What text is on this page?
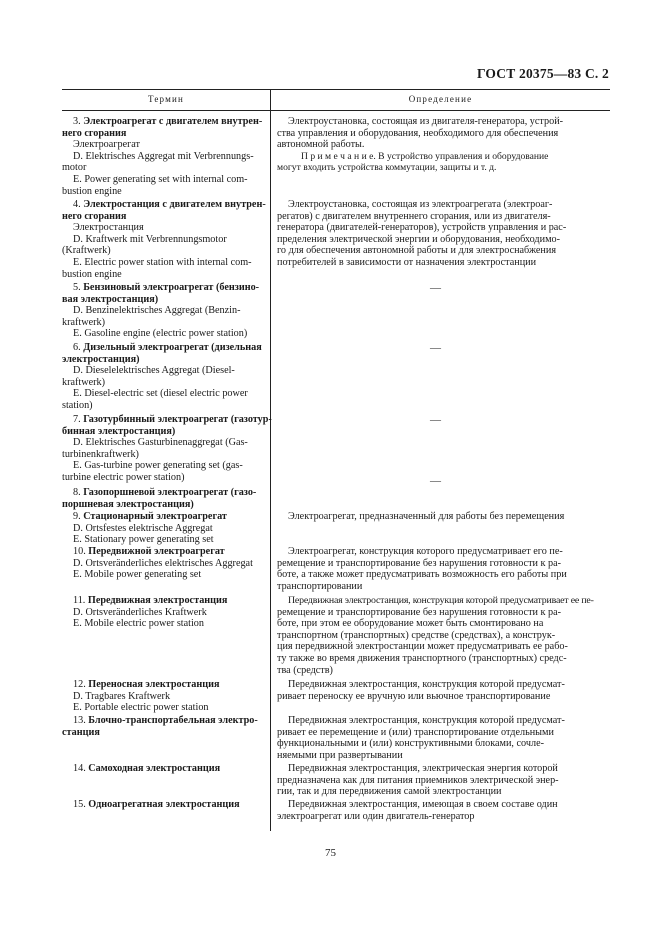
ГОСТ 20375—83 С. 2
Термин	Определение
3. Электроагрегат с двигателем внутрен-
него сгорания
Электроагрегат
D. Elektrisches Aggregat mit Verbrennungs-
motor
E. Power generating set with internal com-
bustion engine
4. Электростанция с двигателем внутрен-
него сгорания
Электростанция
D. Kraftwerk mit Verbrennungsmotor
(Kraftwerk)
E. Electric power station with internal com-
bustion engine
5. Бензиновый электроагрегат (бензино-
вая электростанция)
D. Benzinelektrisches Aggregat (Benzin-
kraftwerk)
E. Gasoline engine (electric power station)
6. Дизельный электроагрегат (дизельная
электростанция)
D. Dieselelektrisches Aggregat (Diesel-
kraftwerk)
E. Diesel-electric set (diesel electric power
station)
7. Газотурбинный электроагрегат (газотур-
бинная электростанция)
D. Elektrisches Gasturbinenaggregat (Gas-
turbinenkraftwerk)
E. Gas-turbine power generating set (gas-
turbine electric power station)
8. Газопоршневой электроагрегат (газо-
поршневая электростанция)
9. Стационарный электроагрегат
D. Ortsfestes elektrische Aggregat
E. Stationary power generating set
10. Передвижной электроагрегат
D. Ortsveränderliches elektrisches Aggregat
E. Mobile power generating set
11. Передвижная электростанция
D. Ortsveränderliches Kraftwerk
E. Mobile electric power station
12. Переносная электростанция
D. Tragbares Kraftwerk
E. Portable electric power station
13. Блочно-транспортабельная электро-
станция
14. Самоходная электростанция
15. Одноагрегатная электростанция
Электроустановка, состоящая из двигателя-генератора, устрой-
ства управления и оборудования, необходимого для обеспечения
автономной работы.
П р и м е ч а н и е. В устройство управления и оборудование
могут входить устройства коммутации, защиты и т. д.
Электроустановка, состоящая из электроагрегата (электроаг-
регатов) с двигателем внутреннего сгорания, или из двигателя-
генератора (двигателей-генераторов), устройств управления и рас-
пределения электрической энергии и оборудования, необходимо-
го для обеспечения автономной работы и для электроснабжения
потребителей в зависимости от назначения электростанции
—
—
—
—
Электроагрегат, предназначенный для работы без перемещения
Электроагрегат, конструкция которого предусматривает его пе-
ремещение и транспортирование без нарушения готовности к ра-
боте, а также может предусматривать возможность его работы при
транспортировании
Передвижная электростанция, конструкция которой предусматривает ее пе-
ремещение и транспортирование без нарушения готовности к ра-
боте, при этом ее оборудование может быть смонтировано на
транспортном (транспортных) средстве (средствах), а конструк-
ция передвижной электростанции может предусматривать ее рабо-
ту также во время движения транспортного (транспортных) средс-
тва (средств)
Передвижная электростанция, конструкция которой предусмат-
ривает переноску ее вручную или вьючное транспортирование
Передвижная электростанция, конструкция которой предусмат-
ривает ее перемещение и (или) транспортирование отдельными
функциональными и (или) конструктивными блоками, сочле-
няемыми при развертывании
Передвижная электростанция, электрическая энергия которой
предназначена как для питания приемников электрической энер-
гии, так и для передвижения самой электростанции
Передвижная электростанция, имеющая в своем составе один
электроагрегат или один двигатель-генератор
75
